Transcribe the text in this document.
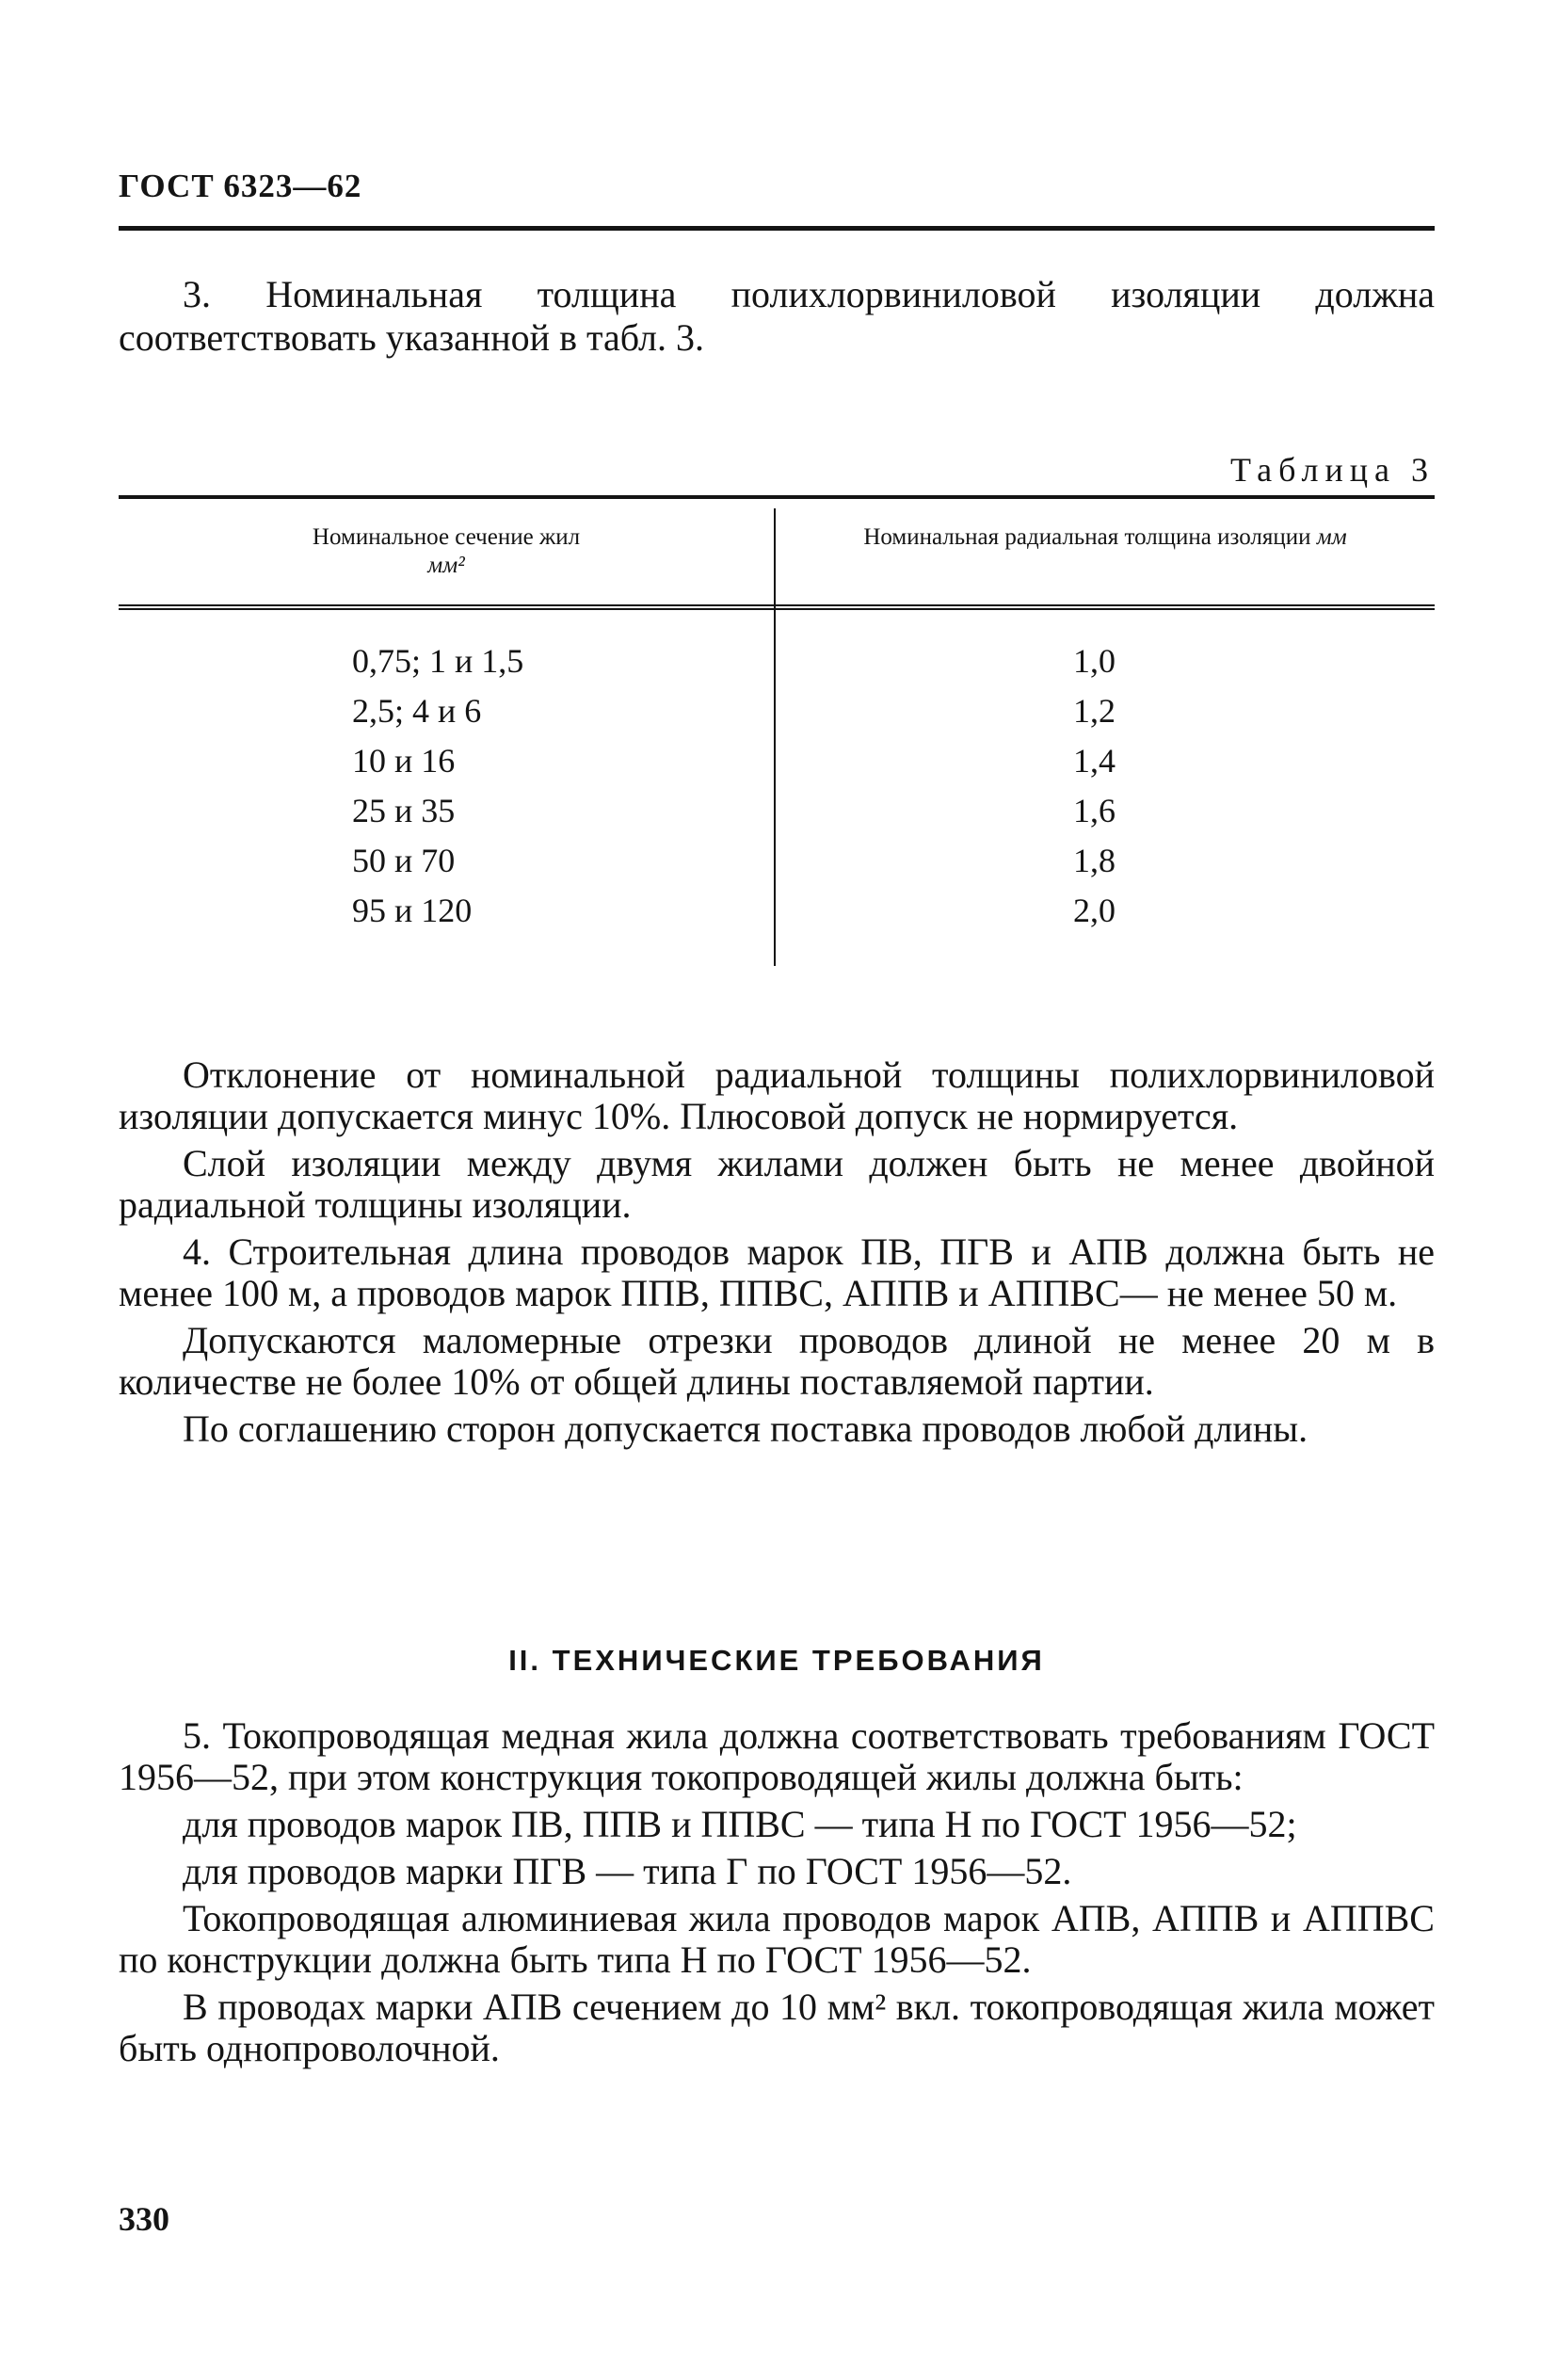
ГОСТ 6323—62

3. Номинальная толщина полихлорвиниловой изоляции должна соответствовать указанной в табл. 3.

Таблица 3
Номинальное сечение жил
мм²
Номинальная радиальная толщина изоляции мм
0,75; 1 и 1,5
2,5; 4 и 6
10 и 16
25 и 35
50 и 70
95 и 120
1,0
1,2
1,4
1,6
1,8
2,0

Отклонение от номинальной радиальной толщины полихлорвиниловой изоляции допускается минус 10%. Плюсовой допуск не нормируется.

Слой изоляции между двумя жилами должен быть не менее двойной радиальной толщины изоляции.

4. Строительная длина проводов марок ПВ, ПГВ и АПВ должна быть не менее 100 м, а проводов марок ППВ, ППВС, АППВ и АППВС— не менее 50 м.

Допускаются маломерные отрезки проводов длиной не менее 20 м в количестве не более 10% от общей длины поставляемой партии.

По соглашению сторон допускается поставка проводов любой длины.

II. ТЕХНИЧЕСКИЕ ТРЕБОВАНИЯ

5. Токопроводящая медная жила должна соответствовать требованиям ГОСТ 1956—52, при этом конструкция токопроводящей жилы должна быть:

для проводов марок ПВ, ППВ и ППВС — типа Н по ГОСТ 1956—52;

для проводов марки ПГВ — типа Г по ГОСТ 1956—52.

Токопроводящая алюминиевая жила проводов марок АПВ, АППВ и АППВС по конструкции должна быть типа Н по ГОСТ 1956—52.

В проводах марки АПВ сечением до 10 мм² вкл. токопроводящая жила может быть однопроволочной.

330
